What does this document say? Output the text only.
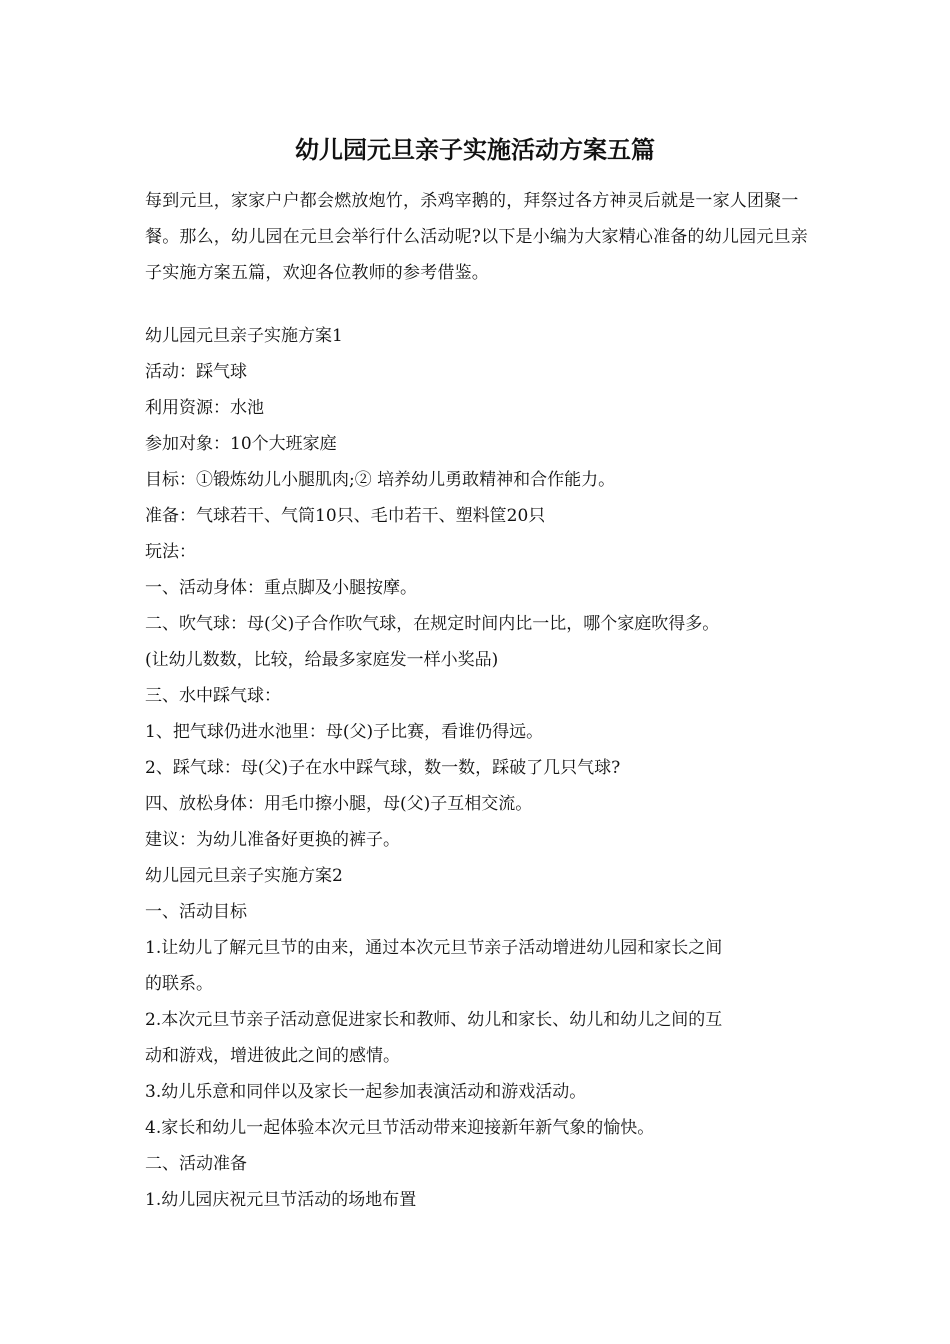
幼儿园元旦亲子实施活动方案五篇

每到元旦，家家户户都会燃放炮竹，杀鸡宰鹅的，拜祭过各方神灵后就是一家人团聚一餐。那么，幼儿园在元旦会举行什么活动呢?以下是小编为大家精心准备的幼儿园元旦亲子实施方案五篇，欢迎各位教师的参考借鉴。

幼儿园元旦亲子实施方案1

活动：踩气球

利用资源：水池

参加对象：10个大班家庭

目标：①锻炼幼儿小腿肌肉;② 培养幼儿勇敢精神和合作能力。

准备：气球若干、气筒10只、毛巾若干、塑料筐20只

玩法：

一、活动身体：重点脚及小腿按摩。

二、吹气球：母(父)子合作吹气球，在规定时间内比一比，哪个家庭吹得多。

(让幼儿数数，比较，给最多家庭发一样小奖品)

三、水中踩气球：

1、把气球仍进水池里：母(父)子比赛，看谁仍得远。

2、踩气球：母(父)子在水中踩气球，数一数，踩破了几只气球?

四、放松身体：用毛巾擦小腿，母(父)子互相交流。

建议：为幼儿准备好更换的裤子。

幼儿园元旦亲子实施方案2

一、活动目标

1.让幼儿了解元旦节的由来，通过本次元旦节亲子活动增进幼儿园和家长之间

的联系。

2.本次元旦节亲子活动意促进家长和教师、幼儿和家长、幼儿和幼儿之间的互

动和游戏，增进彼此之间的感情。

3.幼儿乐意和同伴以及家长一起参加表演活动和游戏活动。

4.家长和幼儿一起体验本次元旦节活动带来迎接新年新气象的愉快。

二、活动准备

1.幼儿园庆祝元旦节活动的场地布置
